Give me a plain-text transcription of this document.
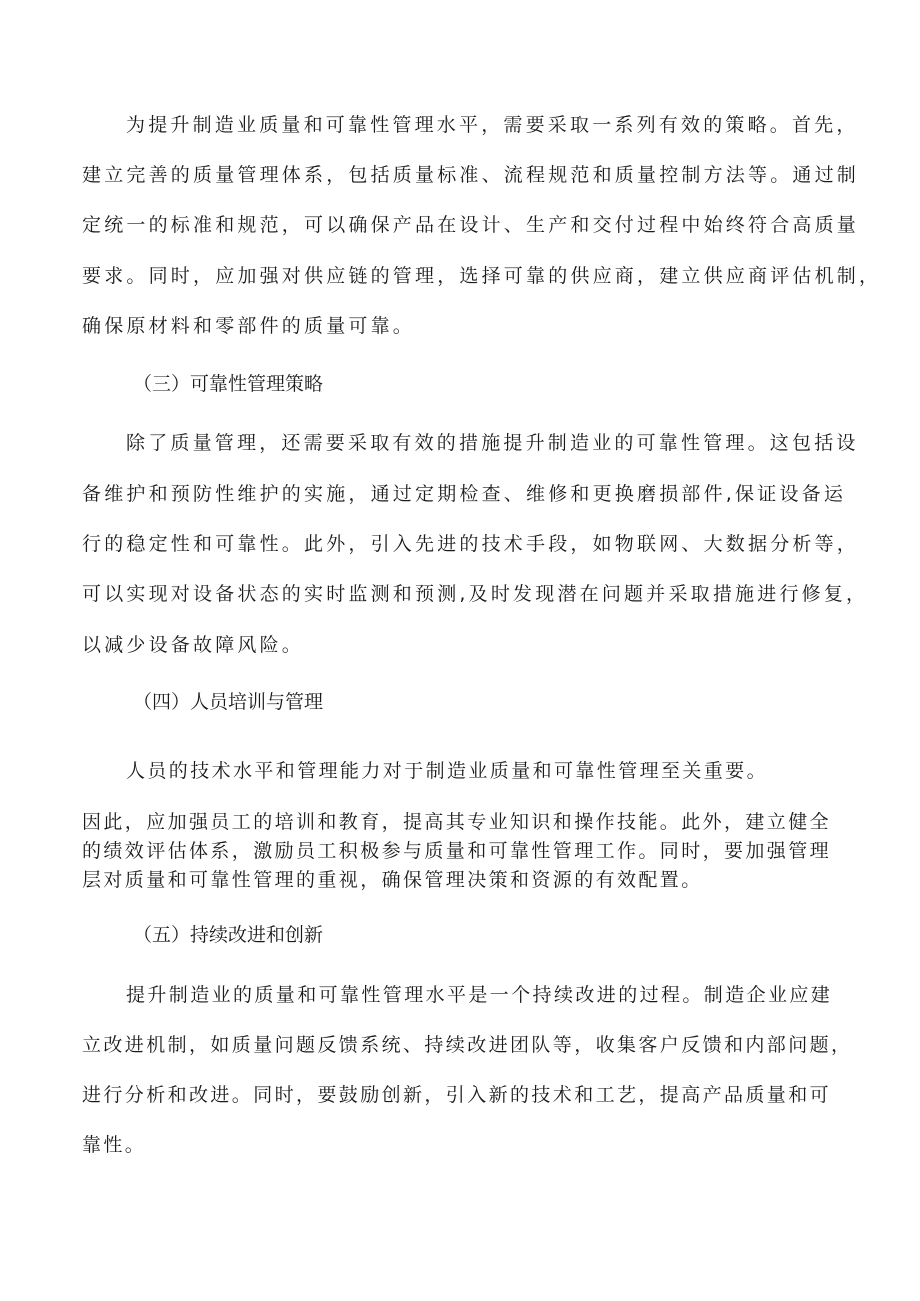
为提升制造业质量和可靠性管理水平，需要采取一系列有效的策略。首先，

建立完善的质量管理体系，包括质量标准、流程规范和质量控制方法等。通过制

定统一的标准和规范，可以确保产品在设计、生产和交付过程中始终符合高质量

要求。同时，应加强对供应链的管理，选择可靠的供应商，建立供应商评估机制，

确保原材料和零部件的质量可靠。

（三）可靠性管理策略

除了质量管理，还需要采取有效的措施提升制造业的可靠性管理。这包括设

备维护和预防性维护的实施，通过定期检查、维修和更换磨损部件,保证设备运

行的稳定性和可靠性。此外，引入先进的技术手段，如物联网、大数据分析等，

可以实现对设备状态的实时监测和预测,及时发现潜在问题并采取措施进行修复，

以减少设备故障风险。

（四）人员培训与管理

人员的技术水平和管理能力对于制造业质量和可靠性管理至关重要。

因此，应加强员工的培训和教育，提高其专业知识和操作技能。此外，建立健全

的绩效评估体系，激励员工积极参与质量和可靠性管理工作。同时，要加强管理

层对质量和可靠性管理的重视，确保管理决策和资源的有效配置。

（五）持续改进和创新

提升制造业的质量和可靠性管理水平是一个持续改进的过程。制造企业应建

立改进机制，如质量问题反馈系统、持续改进团队等，收集客户反馈和内部问题，

进行分析和改进。同时，要鼓励创新，引入新的技术和工艺，提高产品质量和可

靠性。
